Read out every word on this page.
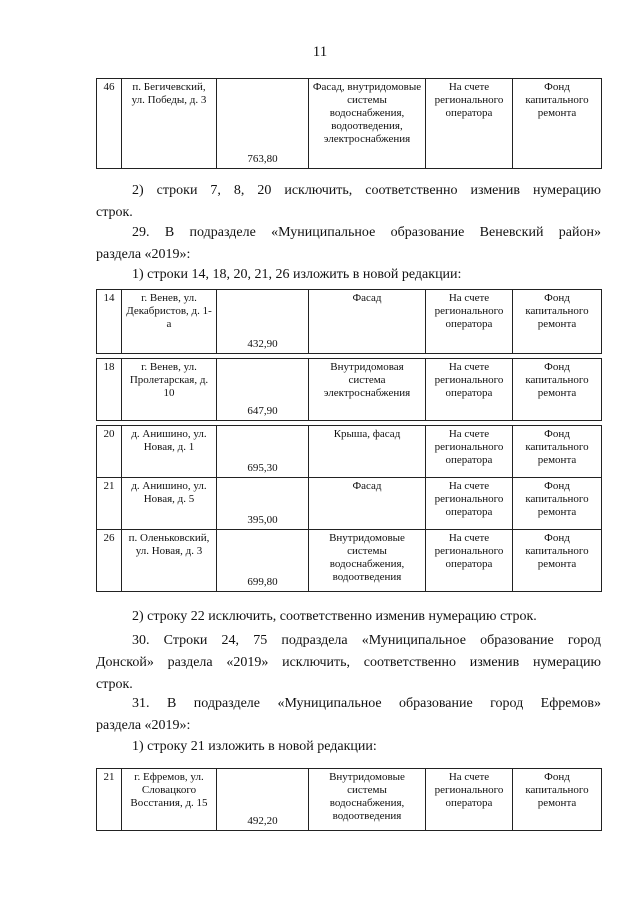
11
46	п. Бегичевский, ул. Победы, д. 3	763,80	Фасад, внутридомовые системы водоснабжения, водоотведения, электроснабжения	На счете регионального оператора	Фонд капитального ремонта

2) строки 7, 8, 20 исключить, соответственно изменив нумерацию

строк.

29. В подразделе «Муниципальное образование Веневский район»

раздела «2019»:

1) строки 14, 18, 20, 21, 26 изложить в новой редакции:

14	г. Венев, ул. Декабристов, д. 1-а	432,90	Фасад	На счете регионального оператора	Фонд капитального ремонта
18	г. Венев, ул. Пролетарская, д. 10	647,90	Внутридомовая система электроснабжения	На счете регионального оператора	Фонд капитального ремонта
20	д. Анишино, ул. Новая, д. 1	695,30	Крыша, фасад	На счете регионального оператора	Фонд капитального ремонта
21	д. Анишино, ул. Новая, д. 5	395,00	Фасад	На счете регионального оператора	Фонд капитального ремонта
26	п. Оленьковский, ул. Новая, д. 3	699,80	Внутридомовые системы водоснабжения, водоотведения	На счете регионального оператора	Фонд капитального ремонта

2) строку 22 исключить, соответственно изменив нумерацию строк.

30. Строки 24, 75 подраздела «Муниципальное образование город

Донской» раздела «2019» исключить, соответственно изменив нумерацию

строк.

31. В подразделе «Муниципальное образование город Ефремов»

раздела «2019»:

1) строку 21 изложить в новой редакции:

21	г. Ефремов, ул. Словацкого Восстания, д. 15	492,20	Внутридомовые системы водоснабжения, водоотведения	На счете регионального оператора	Фонд капитального ремонта
